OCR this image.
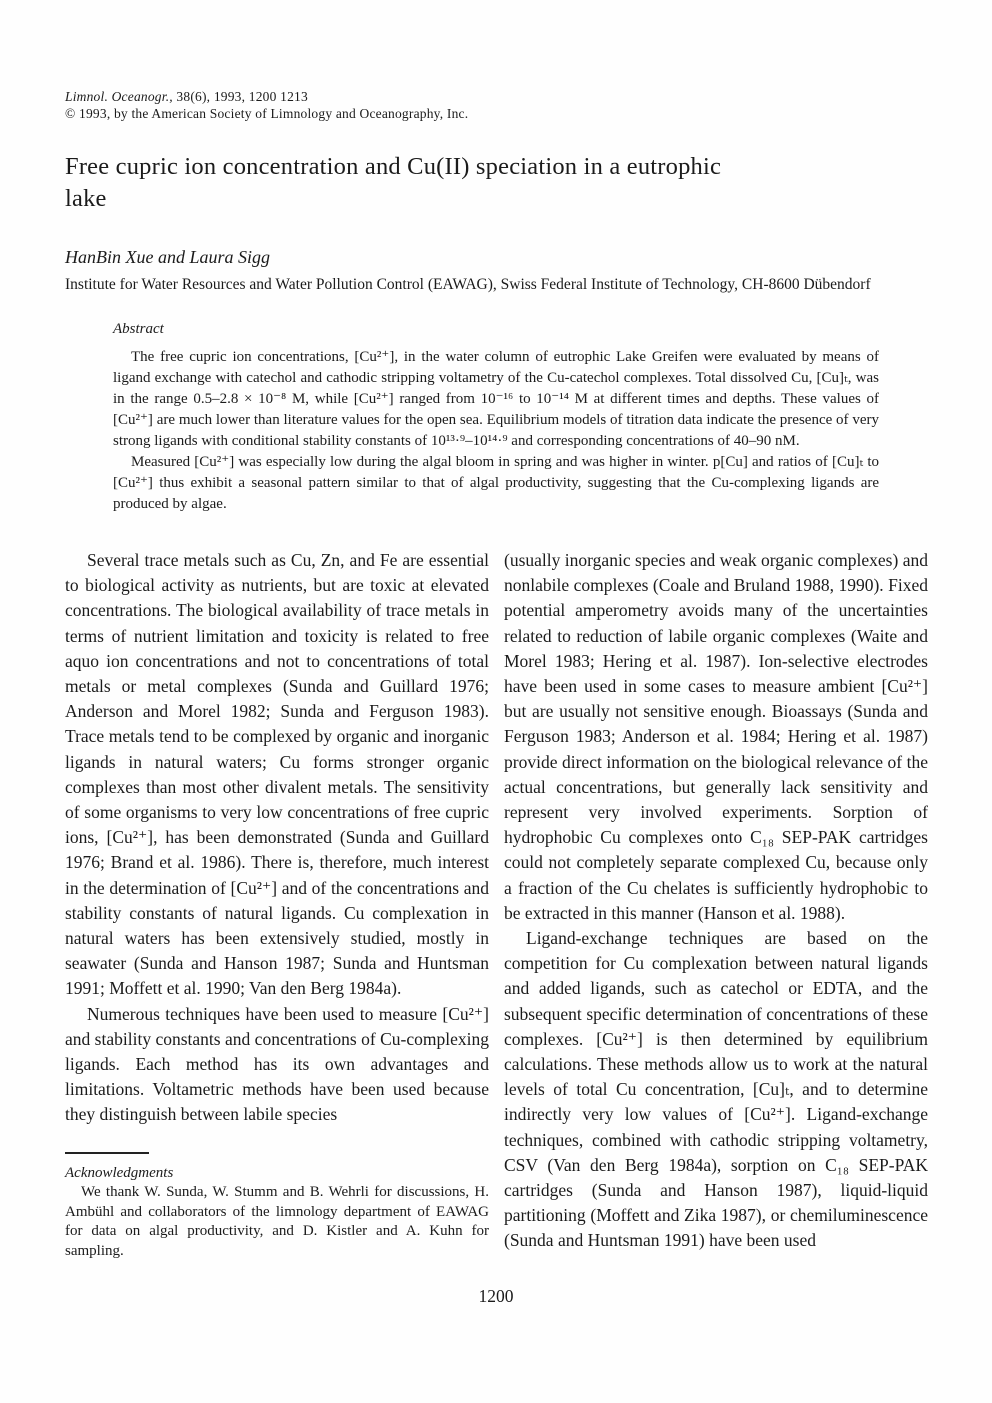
Limnol. Oceanogr., 38(6), 1993, 1200 1213
© 1993, by the American Society of Limnology and Oceanography, Inc.
Free cupric ion concentration and Cu(II) speciation in a eutrophic lake
HanBin Xue and Laura Sigg
Institute for Water Resources and Water Pollution Control (EAWAG), Swiss Federal Institute of Technology, CH-8600 Dübendorf
Abstract

The free cupric ion concentrations, [Cu²⁺], in the water column of eutrophic Lake Greifen were evaluated by means of ligand exchange with catechol and cathodic stripping voltametry of the Cu-catechol complexes. Total dissolved Cu, [Cu]ₜ, was in the range 0.5–2.8 × 10⁻⁸ M, while [Cu²⁺] ranged from 10⁻¹⁶ to 10⁻¹⁴ M at different times and depths. These values of [Cu²⁺] are much lower than literature values for the open sea. Equilibrium models of titration data indicate the presence of very strong ligands with conditional stability constants of 10¹³·⁹–10¹⁴·⁹ and corresponding concentrations of 40–90 nM.

Measured [Cu²⁺] was especially low during the algal bloom in spring and was higher in winter. p[Cu] and ratios of [Cu]ₜ to [Cu²⁺] thus exhibit a seasonal pattern similar to that of algal productivity, suggesting that the Cu-complexing ligands are produced by algae.

Several trace metals such as Cu, Zn, and Fe are essential to biological activity as nutrients, but are toxic at elevated concentrations. The biological availability of trace metals in terms of nutrient limitation and toxicity is related to free aquo ion concentrations and not to concentrations of total metals or metal complexes (Sunda and Guillard 1976; Anderson and Morel 1982; Sunda and Ferguson 1983). Trace metals tend to be complexed by organic and inorganic ligands in natural waters; Cu forms stronger organic complexes than most other divalent metals. The sensitivity of some organisms to very low concentrations of free cupric ions, [Cu²⁺], has been demonstrated (Sunda and Guillard 1976; Brand et al. 1986). There is, therefore, much interest in the determination of [Cu²⁺] and of the concentrations and stability constants of natural ligands. Cu complexation in natural waters has been extensively studied, mostly in seawater (Sunda and Hanson 1987; Sunda and Huntsman 1991; Moffett et al. 1990; Van den Berg 1984a).

Numerous techniques have been used to measure [Cu²⁺] and stability constants and concentrations of Cu-complexing ligands. Each method has its own advantages and limitations. Voltametric methods have been used because they distinguish between labile species

Acknowledgments
We thank W. Sunda, W. Stumm and B. Wehrli for discussions, H. Ambühl and collaborators of the limnology department of EAWAG for data on algal productivity, and D. Kistler and A. Kuhn for sampling.

(usually inorganic species and weak organic complexes) and nonlabile complexes (Coale and Bruland 1988, 1990). Fixed potential amperometry avoids many of the uncertainties related to reduction of labile organic complexes (Waite and Morel 1983; Hering et al. 1987). Ion-selective electrodes have been used in some cases to measure ambient [Cu²⁺] but are usually not sensitive enough. Bioassays (Sunda and Ferguson 1983; Anderson et al. 1984; Hering et al. 1987) provide direct information on the biological relevance of the actual concentrations, but generally lack sensitivity and represent very involved experiments. Sorption of hydrophobic Cu complexes onto C₁₈ SEP-PAK cartridges could not completely separate complexed Cu, because only a fraction of the Cu chelates is sufficiently hydrophobic to be extracted in this manner (Hanson et al. 1988).

Ligand-exchange techniques are based on the competition for Cu complexation between natural ligands and added ligands, such as catechol or EDTA, and the subsequent specific determination of concentrations of these complexes. [Cu²⁺] is then determined by equilibrium calculations. These methods allow us to work at the natural levels of total Cu concentration, [Cu]ₜ, and to determine indirectly very low values of [Cu²⁺]. Ligand-exchange techniques, combined with cathodic stripping voltametry, CSV (Van den Berg 1984a), sorption on C₁₈ SEP-PAK cartridges (Sunda and Hanson 1987), liquid-liquid partitioning (Moffett and Zika 1987), or chemiluminescence (Sunda and Huntsman 1991) have been used

1200
